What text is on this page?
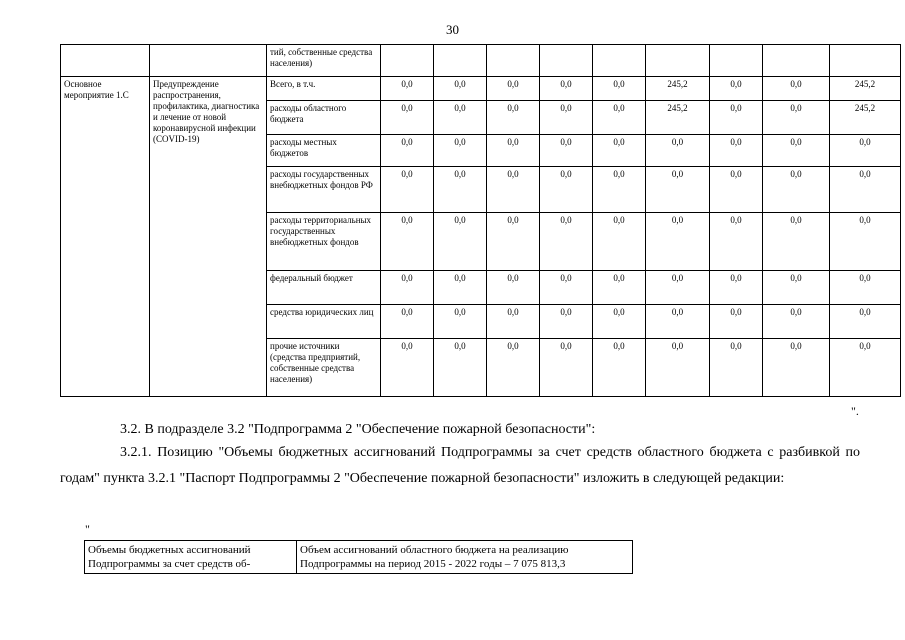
30
		тий, собственные средства населения)									
Основное мероприятие 1.С	Предупреждение распространения, профилактика, диагностика и лечение от новой коронавирусной инфекции (COVID-19)	Всего, в т.ч.	0,0	0,0	0,0	0,0	0,0	245,2	0,0	0,0	245,2
		расходы областного бюджета	0,0	0,0	0,0	0,0	0,0	245,2	0,0	0,0	245,2
		расходы местных бюджетов	0,0	0,0	0,0	0,0	0,0	0,0	0,0	0,0	0,0
		расходы государственных внебюджетных фондов РФ	0,0	0,0	0,0	0,0	0,0	0,0	0,0	0,0	0,0
		расходы территориальных государственных внебюджетных фондов	0,0	0,0	0,0	0,0	0,0	0,0	0,0	0,0	0,0
		федеральный бюджет	0,0	0,0	0,0	0,0	0,0	0,0	0,0	0,0	0,0
		средства юридических лиц	0,0	0,0	0,0	0,0	0,0	0,0	0,0	0,0	0,0
		прочие источники (средства предприятий, собственные средства населения)	0,0	0,0	0,0	0,0	0,0	0,0	0,0	0,0	0,0
".
3.2. В подразделе 3.2 "Подпрограмма 2 "Обеспечение пожарной безопасности":
3.2.1. Позицию "Объемы бюджетных ассигнований Подпрограммы за счет средств областного бюджета с разбивкой по годам" пункта 3.2.1 "Паспорт Подпрограммы 2 "Обеспечение пожарной безопасности" изложить в следующей редакции:
"
Объемы бюджетных ассигнований Подпрограммы за счет средств об-	Объем ассигнований областного бюджета на реализацию Подпрограммы на период 2015 - 2022 годы – 7 075 813,3
